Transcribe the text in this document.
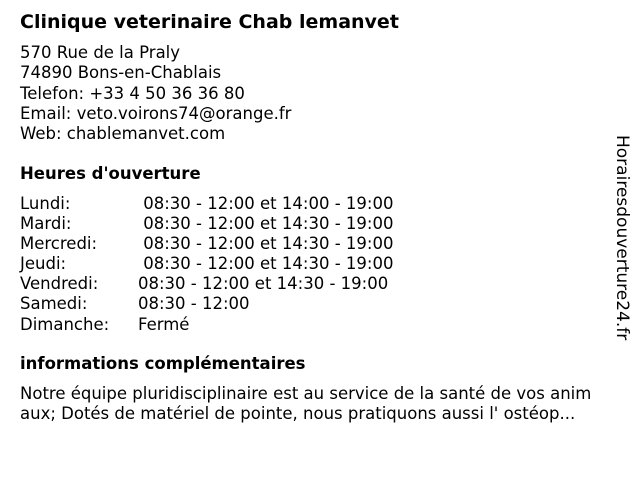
Clinique veterinaire Chab lemanvet
570 Rue de la Praly
74890 Bons-en-Chablais
Telefon: +33 4 50 36 36 80
Email: veto.voirons74@orange.fr
Web: chablemanvet.com
Heures d'ouverture
Lundi:	08:30 - 12:00 et 14:00 - 19:00
Mardi:	08:30 - 12:00 et 14:30 - 19:00
Mercredi: 08:30 - 12:00 et 14:30 - 19:00
Jeudi:	08:30 - 12:00 et 14:30 - 19:00
Vendredi: 08:30 - 12:00 et 14:30 - 19:00
Samedi:	08:30 - 12:00
Dimanche: Fermé
informations complémentaires
Notre équipe pluridisciplinaire est au service de la santé de vos anim
aux; Dotés de matériel de pointe, nous pratiquons aussi l' ostéop...
Horairesdouverture24.fr
